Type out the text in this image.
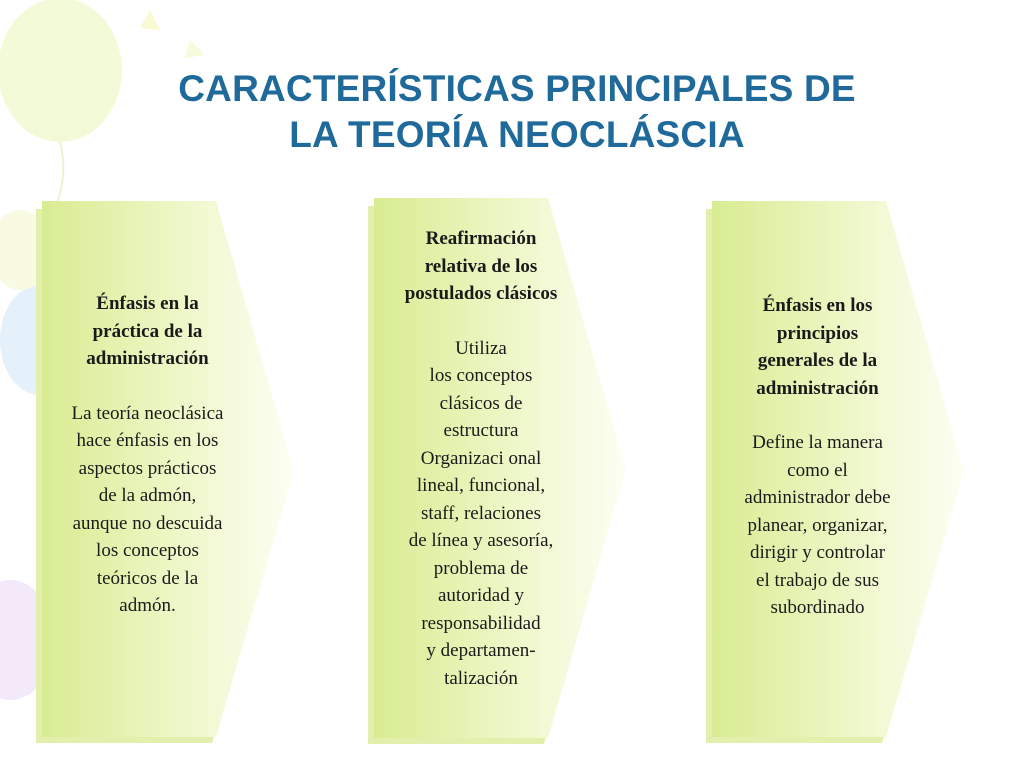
CARACTERÍSTICAS PRINCIPALES DE
LA TEORÍA NEOCLÁSCIA
Énfasis en la
práctica de la
administración
La teoría neoclásica
hace énfasis en los
aspectos prácticos
de la admón,
aunque no descuida
los conceptos
teóricos de la
admón.
Reafirmación
relativa de los
postulados clásicos
Utiliza
los conceptos
clásicos de
estructura
Organizaci onal
lineal, funcional,
staff, relaciones
de línea y asesoría,
problema de
autoridad y
responsabilidad
y departamen-
talización
Énfasis en los
principios
generales de la
administración
Define la manera
como el
administrador debe
planear, organizar,
dirigir y controlar
el trabajo de sus
subordinado
